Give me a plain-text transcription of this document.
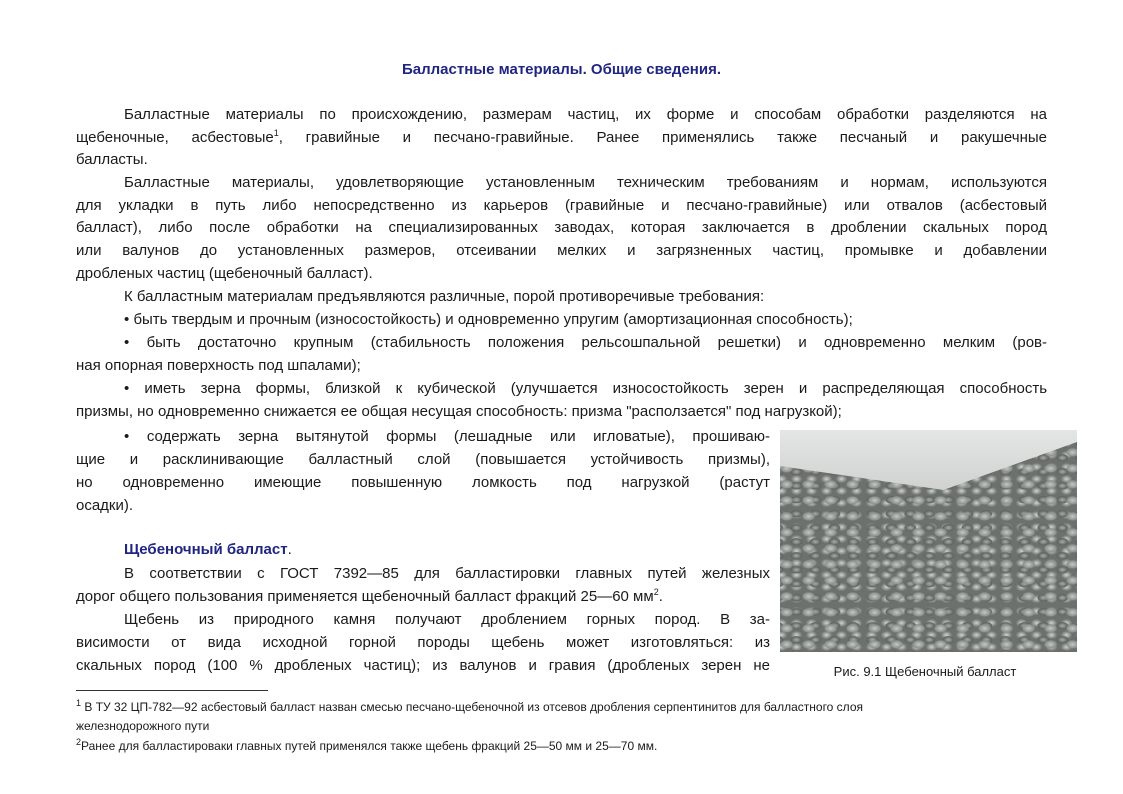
Балластные материалы. Общие сведения.
Балластные материалы по происхождению, размерам частиц, их форме и способам обработки разделяются на
щебеночные, асбестовые$^1$, гравийные и песчано-гравийные. Ранее применялись также песчаный и ракушечные
балласты.
Балластные материалы, удовлетворяющие установленным техническим требованиям и нормам, используются
для укладки в путь либо непосредственно из карьеров (гравийные и песчано-гравийные) или отвалов (асбестовый
балласт), либо после обработки на специализированных заводах, которая заключается в дроблении скальных пород
или валунов до установленных размеров, отсеивании мелких и загрязненных частиц, промывке и добавлении
дробленых частиц (щебеночный балласт).
К балластным материалам предъявляются различные, порой противоречивые требования:
• быть твердым и прочным (износостойкость) и одновременно упругим (амортизационная способность);
• быть достаточно крупным (стабильность положения рельсошпальной решетки) и одновременно мелким (ров-
ная опорная поверхность под шпалами);
• иметь зерна формы, близкой к кубической (улучшается износостойкость зерен и распределяющая способность
призмы, но одновременно снижается ее общая несущая способность: призма "расползается" под нагрузкой);
• содержать зерна вытянутой формы (лешадные или игловатые), прошиваю-
щие и расклинивающие балластный слой (повышается устойчивость призмы),
но одновременно имеющие повышенную ломкость под нагрузкой (растут
осадки).
Щебеночный балласт.
В соответствии с ГОСТ 7392—85 для балластировки главных путей железных
дорог общего пользования применяется щебеночный балласт фракций 25—60 $мм^2$.
Щебень из природного камня получают дроблением горных пород. В за-
висимости от вида исходной горной породы щебень может изготовляться: из
скальных пород (100 % дробленых частиц); из валунов и гравия (дробленых зерен не	Рис. 9.1 Щебеночный балласт
$^1$ В ТУ 32 ЦП-782—92 асбестовый балласт назван смесью песчано-щебеночной из отсевов дробления серпентинитов для балластного слоя
железнодорожного пути
$^2$Ранее для балластироваки главных путей применялся также щебень фракций 25—50 мм и 25—70 мм.
